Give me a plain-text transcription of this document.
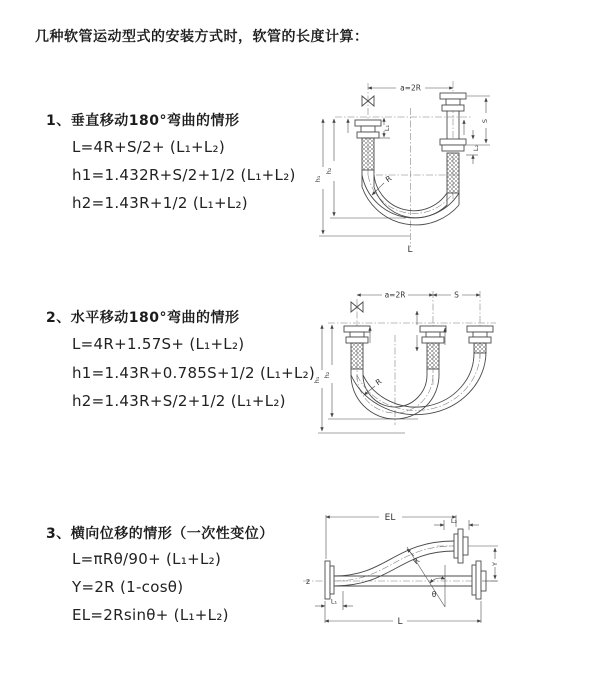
几种软管运动型式的安装方式时，软管的长度计算：
1、垂直移动180°弯曲的情形
L=4R+S/2+ (L₁+L₂)
h1=1.432R+S/2+1/2 (L₁+L₂)
h2=1.43R+1/2 (L₁+L₂)
2、水平移动180°弯曲的情形
L=4R+1.57S+ (L₁+L₂)
h1=1.43R+0.785S+1/2 (L₁+L₂)
h2=1.43R+S/2+1/2 (L₁+L₂)
3、横向位移的情形（一次性变位）
L=πRθ/90+ (L₁+L₂)
Y=2R (1-cosθ)
EL=2Rsinθ+ (L₁+L₂)
a=2R
h₁
h₂
L₁
S
L₂
R
L
a=2R	S
h₁
h₂
R
z
EL	L₂
Y
θ
R
L₁
L
